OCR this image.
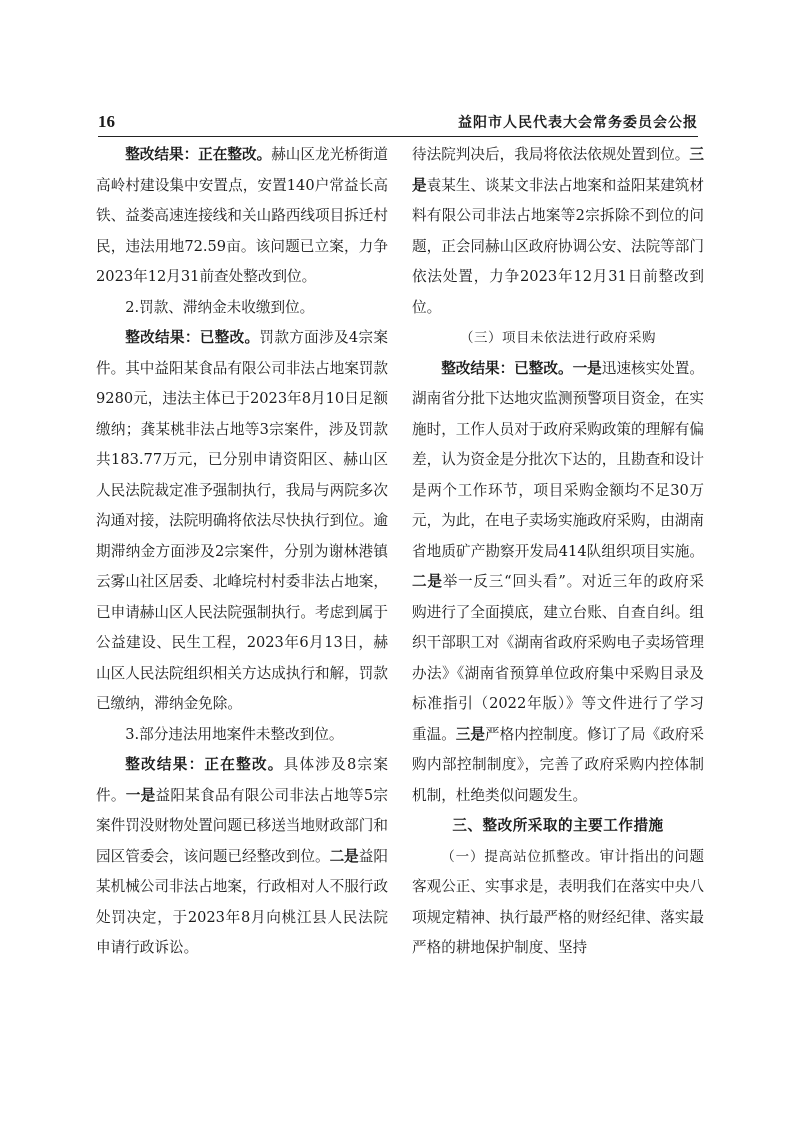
16	益阳市人民代表大会常务委员会公报

整改结果：正在整改。赫山区龙光桥街道高岭村建设集中安置点，安置140户常益长高铁、益娄高速连接线和关山路西线项目拆迁村民，违法用地72.59亩。该问题已立案，力争2023年12月31前查处整改到位。

2.罚款、滞纳金未收缴到位。

整改结果：已整改。罚款方面涉及4宗案件。其中益阳某食品有限公司非法占地案罚款9280元，违法主体已于2023年8月10日足额缴纳；龚某桃非法占地等3宗案件，涉及罚款共183.77万元，已分别申请资阳区、赫山区人民法院裁定准予强制执行，我局与两院多次沟通对接，法院明确将依法尽快执行到位。逾期滞纳金方面涉及2宗案件，分别为谢林港镇云雾山社区居委、北峰垸村村委非法占地案，已申请赫山区人民法院强制执行。考虑到属于公益建设、民生工程，2023年6月13日，赫山区人民法院组织相关方达成执行和解，罚款已缴纳，滞纳金免除。

3.部分违法用地案件未整改到位。

整改结果：正在整改。具体涉及8宗案件。一是益阳某食品有限公司非法占地等5宗案件罚没财物处置问题已移送当地财政部门和园区管委会，该问题已经整改到位。二是益阳某机械公司非法占地案，行政相对人不服行政处罚决定，于2023年8月向桃江县人民法院申请行政诉讼。

待法院判决后，我局将依法依规处置到位。三是袁某生、谈某文非法占地案和益阳某建筑材料有限公司非法占地案等2宗拆除不到位的问题，正会同赫山区政府协调公安、法院等部门依法处置，力争2023年12月31日前整改到位。

（三）项目未依法进行政府采购

整改结果：已整改。一是迅速核实处置。湖南省分批下达地灾监测预警项目资金，在实施时，工作人员对于政府采购政策的理解有偏差，认为资金是分批次下达的，且勘查和设计是两个工作环节，项目采购金额均不足30万元，为此，在电子卖场实施政府采购，由湖南省地质矿产勘察开发局414队组织项目实施。二是举一反三“回头看”。对近三年的政府采购进行了全面摸底，建立台账、自查自纠。组织干部职工对《湖南省政府采购电子卖场管理办法》《湖南省预算单位政府集中采购目录及标准指引（2022年版）》等文件进行了学习重温。三是严格内控制度。修订了局《政府采购内部控制制度》，完善了政府采购内控体制机制，杜绝类似问题发生。

三、整改所采取的主要工作措施

（一）提高站位抓整改。审计指出的问题客观公正、实事求是，表明我们在落实中央八项规定精神、执行最严格的财经纪律、落实最严格的耕地保护制度、坚持
